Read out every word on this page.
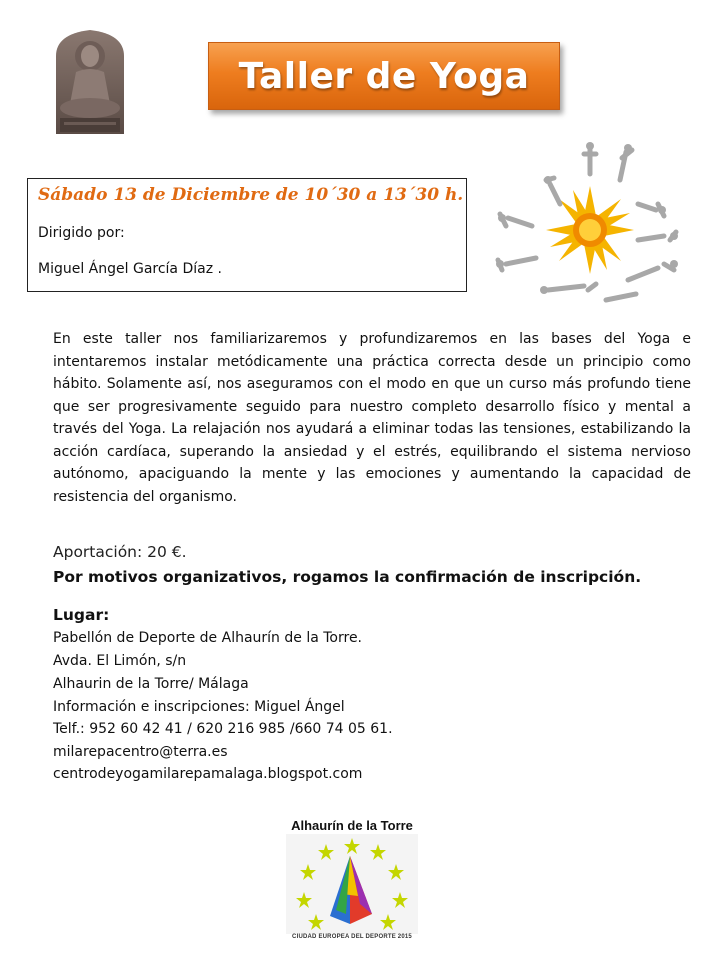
Taller de Yoga
Sábado 13 de Diciembre de 10´30 a 13´30 h.
Dirigido por:
Miguel Ángel García Díaz .
En este taller nos familiarizaremos y profundizaremos en las bases del Yoga e intentaremos instalar metódicamente una práctica correcta desde un principio como hábito. Solamente así, nos aseguramos con el modo en que un curso más profundo tiene que ser progresivamente seguido para nuestro completo desarrollo físico y mental a través del Yoga. La relajación nos ayudará a eliminar todas las tensiones, estabilizando la acción cardíaca, superando la ansiedad y el estrés, equilibrando el sistema nervioso autónomo, apaciguando la mente y las emociones y aumentando la capacidad de resistencia del organismo.
Aportación: 20 €.
Por motivos organizativos, rogamos la confirmación de inscripción.
Lugar:
Pabellón de Deporte de Alhaurín de la Torre.
Avda. El Limón, s/n
Alhaurin de la Torre/ Málaga
Información e inscripciones: Miguel Ángel
Telf.: 952 60 42 41 / 620 216 985 /660 74 05 61.
milarepacentro@terra.es
centrodeyogamilarepamalaga.blogspot.com
Alhaurín de la Torre
CIUDAD EUROPEA DEL DEPORTE 2015
